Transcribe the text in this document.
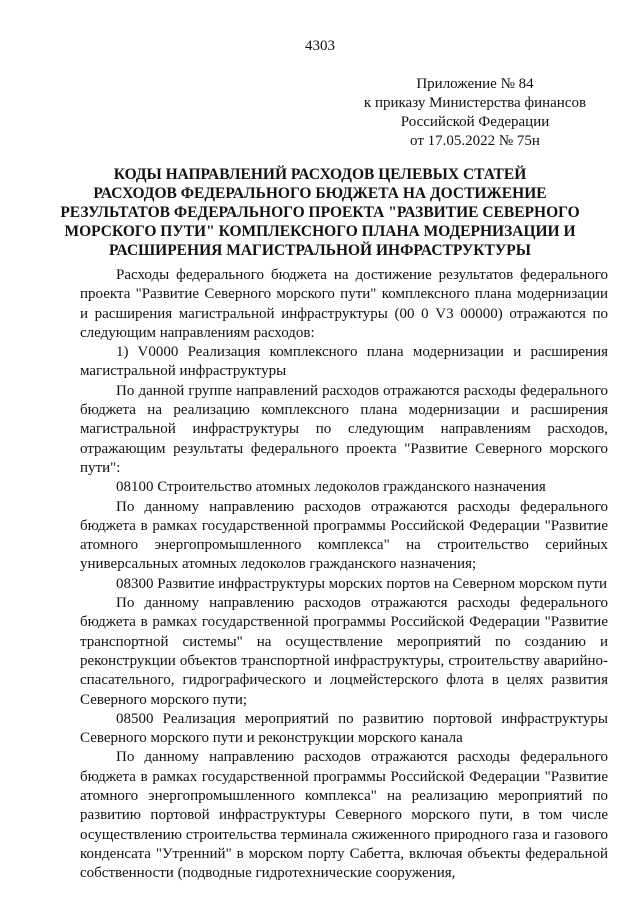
4303
Приложение № 84
к приказу Министерства финансов
Российской Федерации
от 17.05.2022 № 75н
КОДЫ НАПРАВЛЕНИЙ РАСХОДОВ ЦЕЛЕВЫХ СТАТЕЙ
РАСХОДОВ ФЕДЕРАЛЬНОГО БЮДЖЕТА НА ДОСТИЖЕНИЕ
РЕЗУЛЬТАТОВ ФЕДЕРАЛЬНОГО ПРОЕКТА "РАЗВИТИЕ СЕВЕРНОГО
МОРСКОГО ПУТИ" КОМПЛЕКСНОГО ПЛАНА МОДЕРНИЗАЦИИ И
РАСШИРЕНИЯ МАГИСТРАЛЬНОЙ ИНФРАСТРУКТУРЫ

Расходы федерального бюджета на достижение результатов федерального проекта "Развитие Северного морского пути" комплексного плана модернизации и расширения магистральной инфраструктуры (00 0 V3 00000) отражаются по следующим направлениям расходов:

1) V0000 Реализация комплексного плана модернизации и расширения магистральной инфраструктуры

По данной группе направлений расходов отражаются расходы федерального бюджета на реализацию комплексного плана модернизации и расширения магистральной инфраструктуры по следующим направлениям расходов, отражающим результаты федерального проекта "Развитие Северного морского пути":

08100 Строительство атомных ледоколов гражданского назначения

По данному направлению расходов отражаются расходы федерального бюджета в рамках государственной программы Российской Федерации "Развитие атомного энергопромышленного комплекса" на строительство серийных универсальных атомных ледоколов гражданского назначения;

08300 Развитие инфраструктуры морских портов на Северном морском пути

По данному направлению расходов отражаются расходы федерального бюджета в рамках государственной программы Российской Федерации "Развитие транспортной системы" на осуществление мероприятий по созданию и реконструкции объектов транспортной инфраструктуры, строительству аварийно-спасательного, гидрографического и лоцмейстерского флота в целях развития Северного морского пути;

08500 Реализация мероприятий по развитию портовой инфраструктуры Северного морского пути и реконструкции морского канала

По данному направлению расходов отражаются расходы федерального бюджета в рамках государственной программы Российской Федерации "Развитие атомного энергопромышленного комплекса" на реализацию мероприятий по развитию портовой инфраструктуры Северного морского пути, в том числе осуществлению строительства терминала сжиженного природного газа и газового конденсата "Утренний" в морском порту Сабетта, включая объекты федеральной собственности (подводные гидротехнические сооружения,
